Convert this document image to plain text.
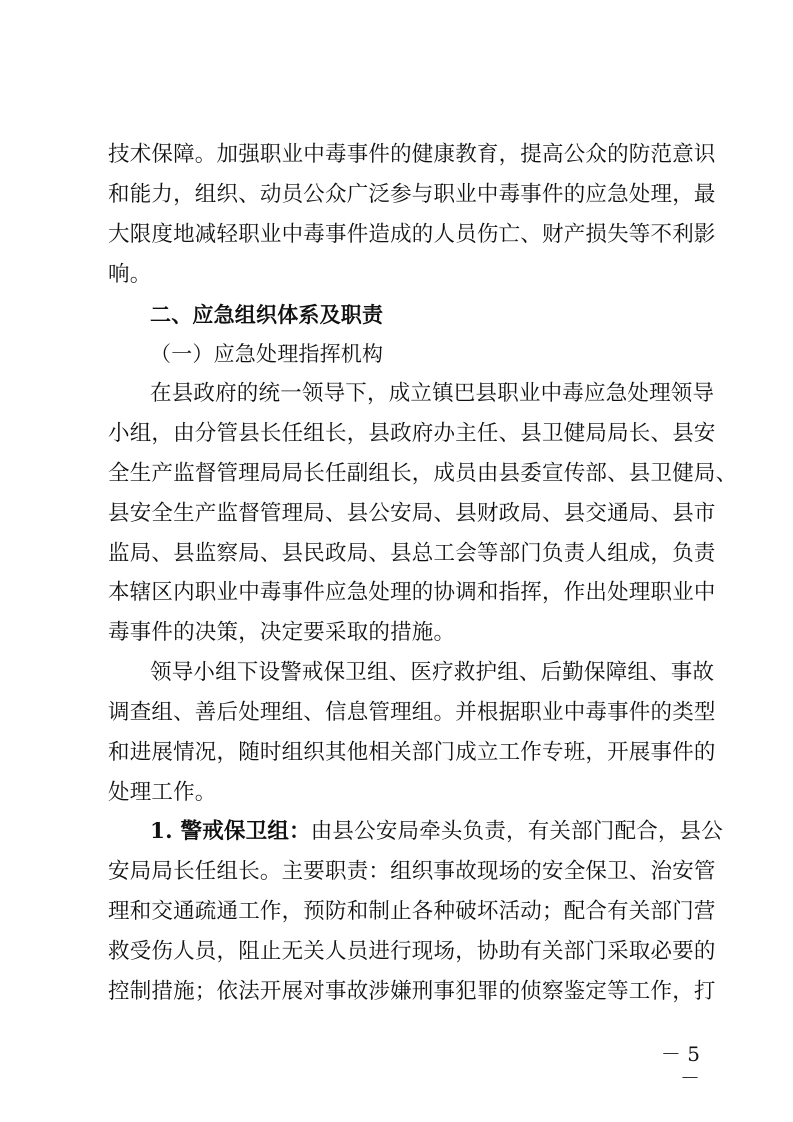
技术保障。加强职业中毒事件的健康教育，提高公众的防范意识
和能力，组织、动员公众广泛参与职业中毒事件的应急处理，最
大限度地减轻职业中毒事件造成的人员伤亡、财产损失等不利影
响。
二、应急组织体系及职责
（一）应急处理指挥机构
在县政府的统一领导下，成立镇巴县职业中毒应急处理领导
小组，由分管县长任组长，县政府办主任、县卫健局局长、县安
全生产监督管理局局长任副组长，成员由县委宣传部、县卫健局、
县安全生产监督管理局、县公安局、县财政局、县交通局、县市
监局、县监察局、县民政局、县总工会等部门负责人组成，负责
本辖区内职业中毒事件应急处理的协调和指挥，作出处理职业中
毒事件的决策，决定要采取的措施。
领导小组下设警戒保卫组、医疗救护组、后勤保障组、事故
调查组、善后处理组、信息管理组。并根据职业中毒事件的类型
和进展情况，随时组织其他相关部门成立工作专班，开展事件的
处理工作。
1. 警戒保卫组：由县公安局牵头负责，有关部门配合，县公
安局局长任组长。主要职责：组织事故现场的安全保卫、治安管
理和交通疏通工作，预防和制止各种破坏活动；配合有关部门营
救受伤人员，阻止无关人员进行现场，协助有关部门采取必要的
控制措施；依法开展对事故涉嫌刑事犯罪的侦察鉴定等工作，打
－ 5 －
